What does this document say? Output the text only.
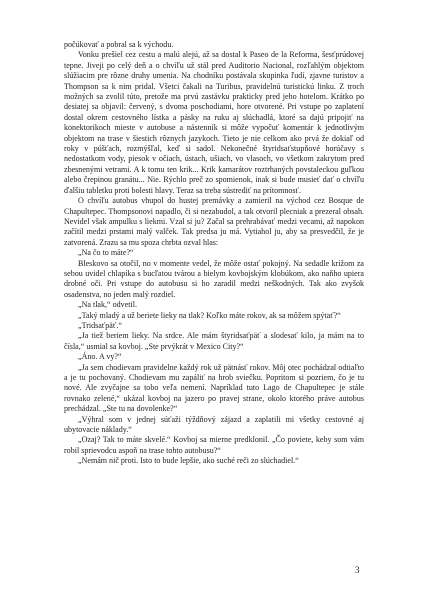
počúkovať a pobral sa k východu.

Vonku prešiel cez cestu a malú alejú, až sa dostal k Paseo de la Reforma, šesťprúdovej tepne. Jiveji po celý deň a o chvíľu už stál pred Auditorio Nacional, rozľahlým objektom slúžiacim pre rôzne druhy umenia. Na chodníku postávala skupinka ľudí, zjavne turistov a Thompson sa k nim pridal. Všetci čakali na Turibus, pravidelnú turistickú linku. Z troch možných sa zvolil túto, pretože ma prvú zastávku prakticky pred jeho hotelom. Krátko po desiatej sa objavil: červený, s dvoma poschodiami, hore otvorené. Pri vstupe po zaplatení dostal okrem cestovného lístka a pásky na ruku aj slúchadlá, ktoré sa dajú pripojiť na konektorikoch mieste v autobuse a nástenník si môže vypočuť komentár k jednotlivým objektom na trase v šiestich rôznych jazykoch. Tieto je nie celkom ako prvá že dokiaľ od roky v púšťach, rozmýšľal, keď si sadol. Nekonečné štyridsaťstupňové horúčavy s nedostatkom vody, piesok v očiach, ústach, ušiach, vo vlasoch, vo všetkom zakrytom pred zbesnenými vetrami. A k tomu ten krik... Krik kamarátov roztrhaných povstaleckou guľkou alebo črepinou granátu... Nie. Rýchlo preč zo spomienok, inak si bude musieť dať o chvíľu ďalšiu tabletku proti bolesti hlavy. Teraz sa treba sústrediť na prítomnosť.

O chvíľu autobus vhupol do hustej premávky a zamieril na východ cez Bosque de Chapultepec. Thompsonovi napadlo, či si nezabudol, a tak otvoril plecniak a prezeral obsah. Nevidel však ampulku s liekmi. Vzal si ju? Začal sa prehrabávať medzi vecami, až napokon začítil medzi prstami malý valček. Tak predsa ju má. Vytiahol ju, aby sa presvedčil, že je zatvorená. Zrazu sa mu spoza chrbta ozval hlas:

„Na čo to máte?“

Bleskovo sa otočil, no v momente vedel, že môže ostať pokojný. Na sedadle krížom za sebou uvidel chlapíka s bucľatou tvárou a bielym kovbojským klobúkom, ako naňho upiera drobné oči. Pri vstupe do autobusu si ho zaradil medzi neškodných. Tak ako zvyšok osadenstva, no jeden malý rozdiel.

„Na tlak,“ odvetil.

„Taký mladý a už beriete lieky na tlak? Koľko máte rokov, ak sa môžem spýtať?“

„Tridsaťpäť.“

„Ja tiež beriem lieky. Na srdce. Ale mám štyridsaťpäť a slodesať kilo, ja mám na to čísla,“ usmial sa kovboj. „Ste prvýkrát v Mexico City?“

„Áno. A vy?“

„Ja sem chodievam pravidelne každý rok už pätnásť rokov. Môj otec pochádzal odtiaľto a je tu pochovaný. Chodievam mu zapáliť na hrob sviečku. Popritom si pozriem, čo je tu nové. Ale zvyčajne sa tobo veľa nemení. Napríklad tuto Lago de Chapultepec je stále rovnako zelené,“ ukázal kovboj na jazero po pravej strane, okolo ktorého práve autobus prechádzal. „Ste tu na dovolenke?“

„Výhral som v jednej súťaži týždňový zájazd a zaplatili mi všetky cestovné aj ubytovacie náklady.“

„Ozaj? Tak to máte skvelé.“ Kovboj sa mierne predklonil. „Čo poviete, keby som vám robil sprievodcu aspoň na trase tohto autobusu?“

„Nemám nič proti. Isto to bude lepšie, ako suché reči zo slúchadiel.“

3
